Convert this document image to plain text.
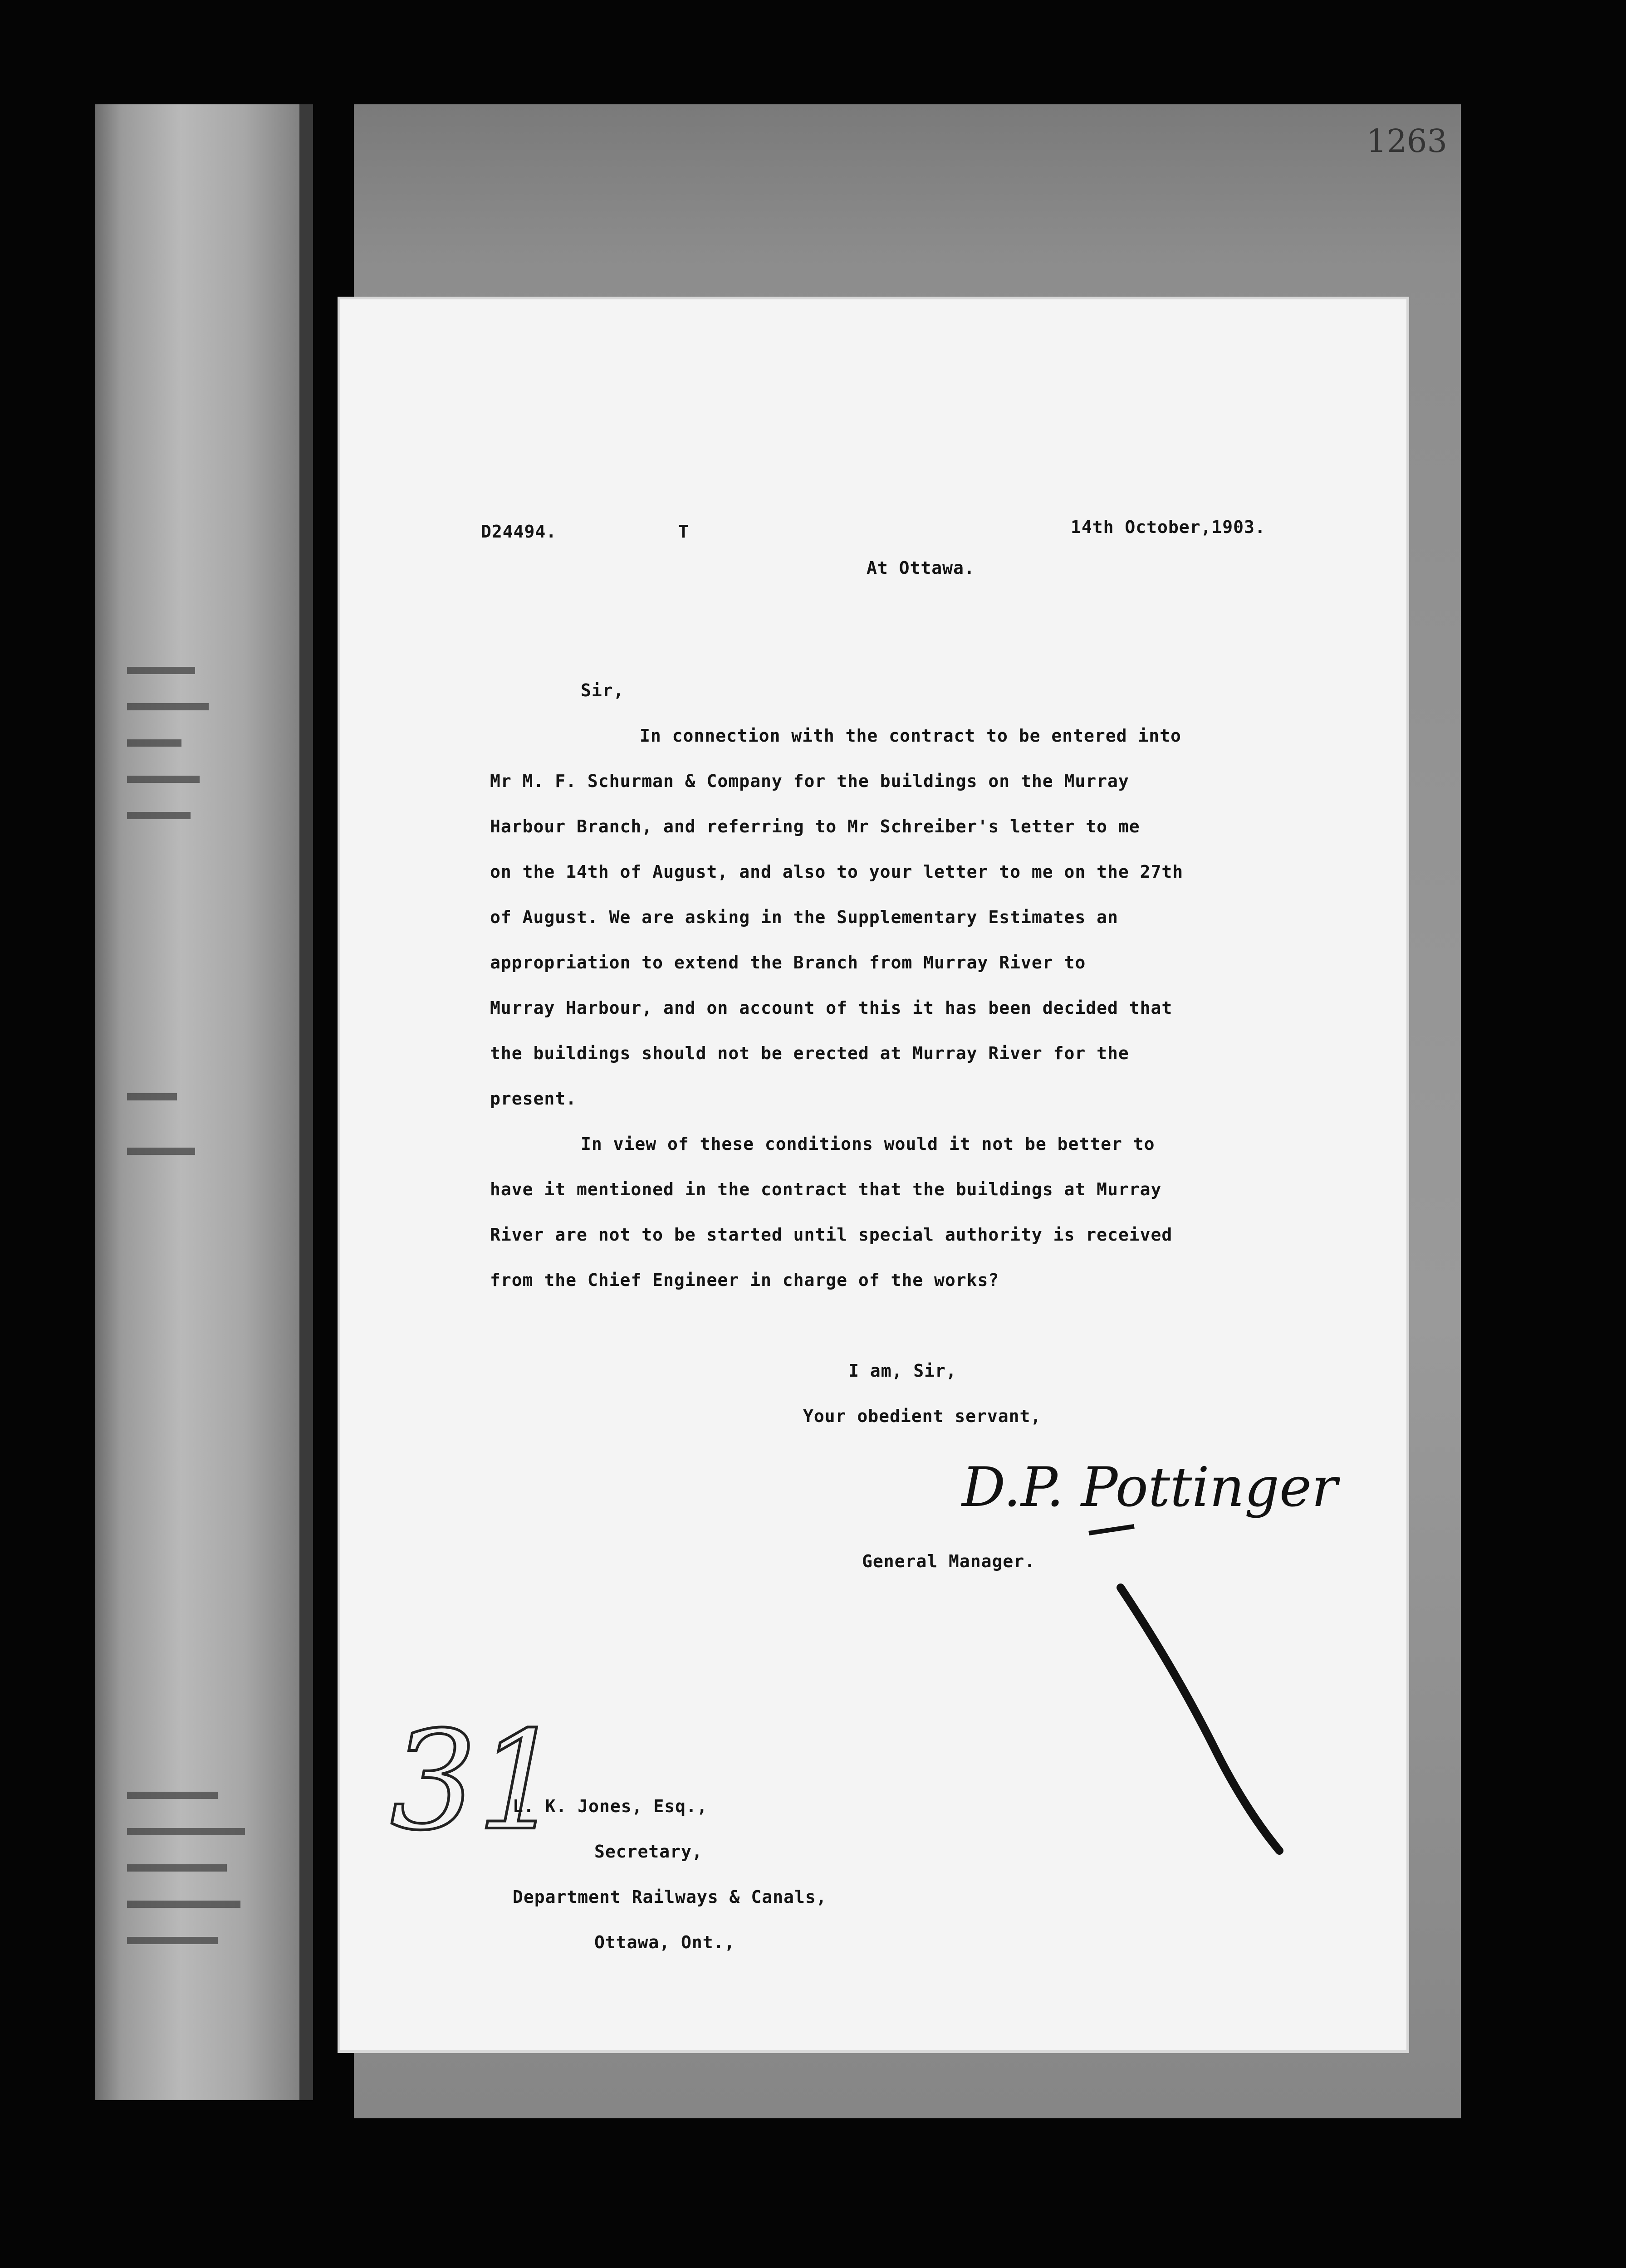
1263
D24494.	T	14th October,1903.
At Ottawa.
Sir,
In connection with the contract to be entered into
Mr M. F. Schurman & Company for the buildings on the Murray
Harbour Branch, and referring to Mr Schreiber's letter to me
on the 14th of August, and also to your letter to me on the 27th
of August. We are asking in the Supplementary Estimates an
appropriation to extend the Branch from Murray River to
Murray Harbour, and on account of this it has been decided that
the buildings should not be erected at Murray River for the
present.
In view of these conditions would it not be better to
have it mentioned in the contract that the buildings at Murray
River are not to be started until special authority is received
from the Chief Engineer in charge of the works?
I am, Sir,
Your obedient servant,
D.P. Pottinger
General Manager.
31
L. K. Jones, Esq.,
Secretary,
Department Railways & Canals,
Ottawa, Ont.,
